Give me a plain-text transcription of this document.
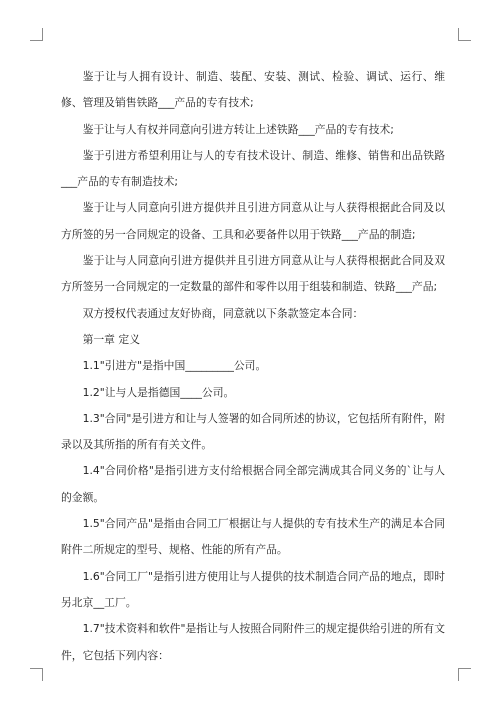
鉴于让与人拥有设计、制造、装配、安装、测试、检验、调试、运行、维修、管理及销售铁路___产品的专有技术;

鉴于让与人有权并同意向引进方转让上述铁路___产品的专有技术;

鉴于引进方希望利用让与人的专有技术设计、制造、维修、销售和出品铁路___产品的专有制造技术;

鉴于让与人同意向引进方提供并且引进方同意从让与人获得根据此合同及以方所签的另一合同规定的设备、工具和必要备件以用于铁路___产品的制造;

鉴于让与人同意向引进方提供并且引进方同意从让与人获得根据此合同及双方所签另一合同规定的一定数量的部件和零件以用于组装和制造、铁路___产品;

双方授权代表通过友好协商，同意就以下条款签定本合同：

第一章 定义

1.1"引进方"是指中国_________公司。

1.2"让与人是指德国____公司。

1.3"合同"是引进方和让与人签署的如合同所述的协议，它包括所有附件，附录以及其所指的所有有关文件。

1.4"合同价格"是指引进方支付给根据合同全部完满成其合同义务的`让与人的金额。

1.5"合同产品"是指由合同工厂根据让与人提供的专有技术生产的满足本合同附件二所规定的型号、规格、性能的所有产品。

1.6"合同工厂"是指引进方使用让与人提供的技术制造合同产品的地点，即时另北京__工厂。

1.7"技术资料和软件"是指让与人按照合同附件三的规定提供给引进的所有文件，它包括下列内容：
